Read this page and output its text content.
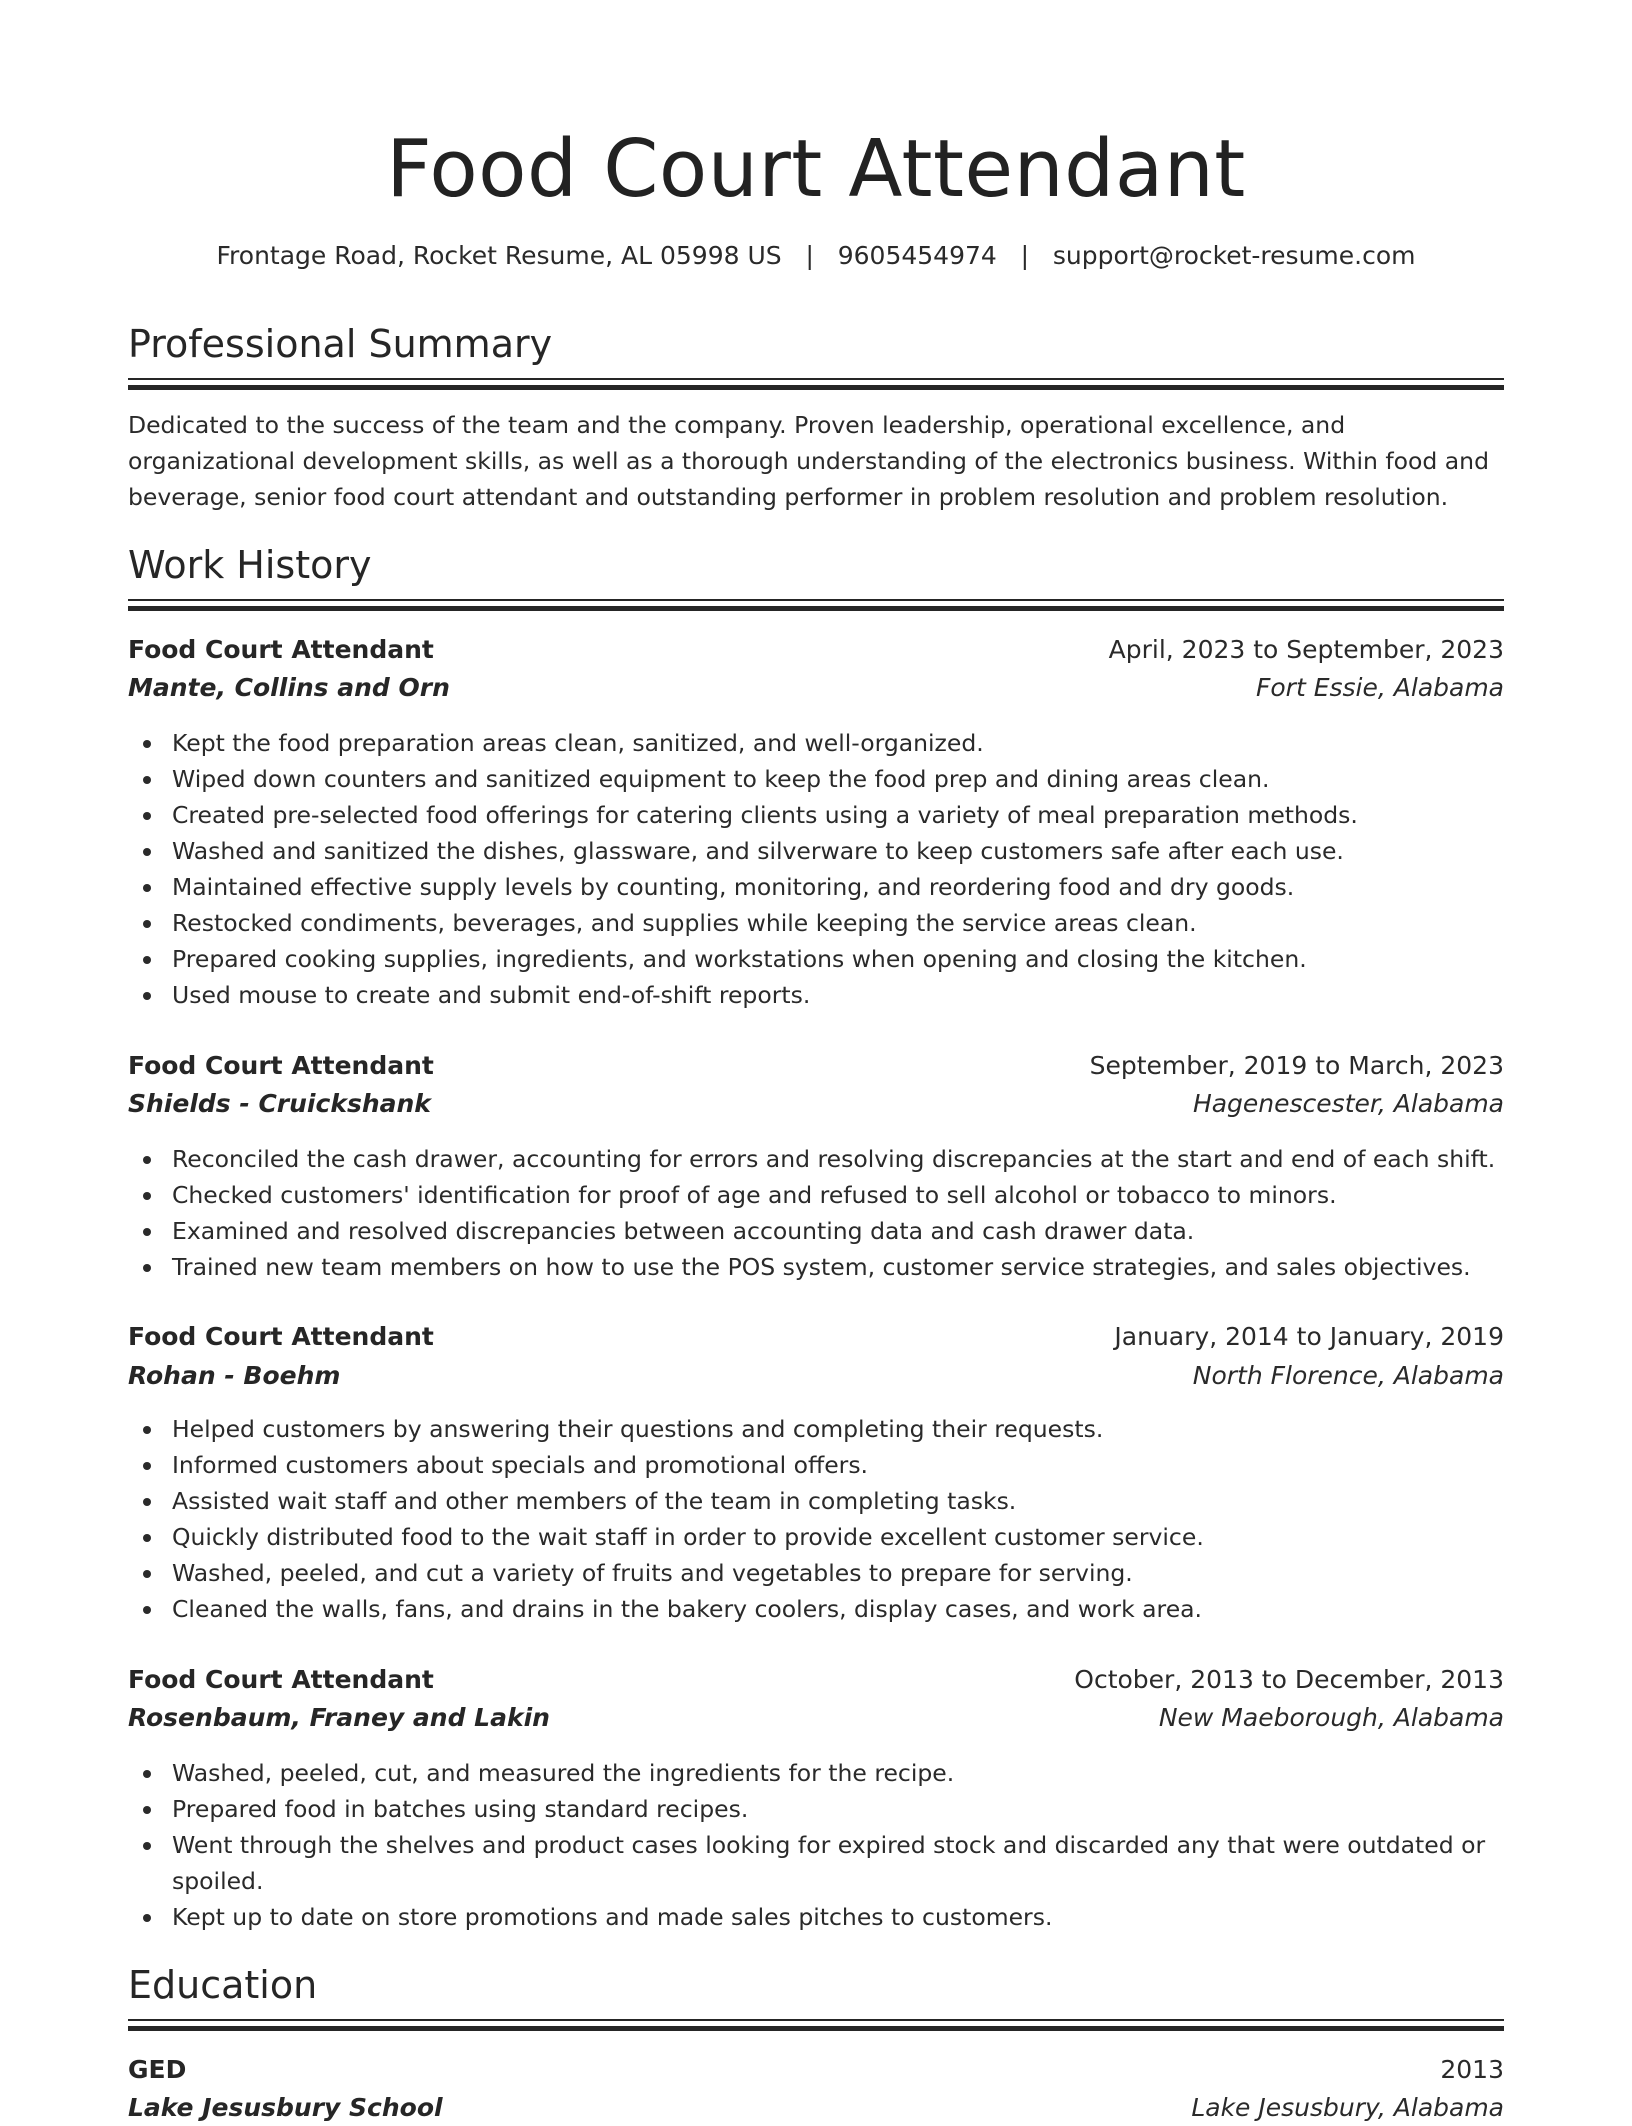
Food Court Attendant
Frontage Road, Rocket Resume, AL 05998 US   |   9605454974   |   support@rocket-resume.com
Professional Summary
Dedicated to the success of the team and the company. Proven leadership, operational excellence, and organizational development skills, as well as a thorough understanding of the electronics business. Within food and beverage, senior food court attendant and outstanding performer in problem resolution and problem resolution.
Work History
Food Court Attendant	April, 2023 to September, 2023
Mante, Collins and Orn	Fort Essie, Alabama
Kept the food preparation areas clean, sanitized, and well-organized.
Wiped down counters and sanitized equipment to keep the food prep and dining areas clean.
Created pre-selected food offerings for catering clients using a variety of meal preparation methods.
Washed and sanitized the dishes, glassware, and silverware to keep customers safe after each use.
Maintained effective supply levels by counting, monitoring, and reordering food and dry goods.
Restocked condiments, beverages, and supplies while keeping the service areas clean.
Prepared cooking supplies, ingredients, and workstations when opening and closing the kitchen.
Used mouse to create and submit end-of-shift reports.
Food Court Attendant	September, 2019 to March, 2023
Shields - Cruickshank	Hagenescester, Alabama
Reconciled the cash drawer, accounting for errors and resolving discrepancies at the start and end of each shift.
Checked customers' identification for proof of age and refused to sell alcohol or tobacco to minors.
Examined and resolved discrepancies between accounting data and cash drawer data.
Trained new team members on how to use the POS system, customer service strategies, and sales objectives.
Food Court Attendant	January, 2014 to January, 2019
Rohan - Boehm	North Florence, Alabama
Helped customers by answering their questions and completing their requests.
Informed customers about specials and promotional offers.
Assisted wait staff and other members of the team in completing tasks.
Quickly distributed food to the wait staff in order to provide excellent customer service.
Washed, peeled, and cut a variety of fruits and vegetables to prepare for serving.
Cleaned the walls, fans, and drains in the bakery coolers, display cases, and work area.
Food Court Attendant	October, 2013 to December, 2013
Rosenbaum, Franey and Lakin	New Maeborough, Alabama
Washed, peeled, cut, and measured the ingredients for the recipe.
Prepared food in batches using standard recipes.
Went through the shelves and product cases looking for expired stock and discarded any that were outdated or spoiled.
Kept up to date on store promotions and made sales pitches to customers.
Education
GED	2013
Lake Jesusbury School	Lake Jesusbury, Alabama
